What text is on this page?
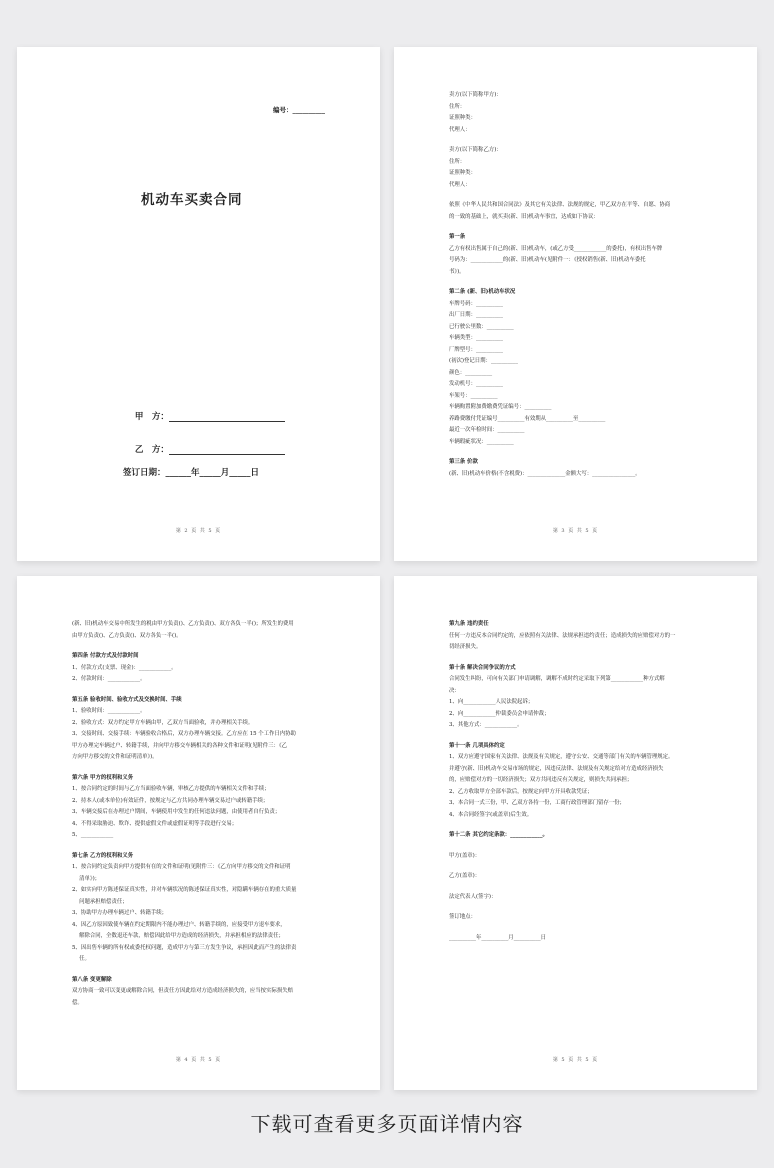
编号：__________
机动车买卖合同

甲　方：

乙　方：

签订日期：______年_____月_____日
第 2 页 共 5 页
卖方(以下简称甲方)：
住所：
证照种类：
代理人：
卖方(以下简称乙方)：
住所：
证照种类：
代理人：
依照《中华人民共和国合同法》及其它有关法律、法规的规定，甲乙双方在平等、自愿、协商
的一致的基础上，就买卖(新、旧)机动车事宜，达成如下协议：
第一条
乙方有权出售属于自己的(新、旧)机动车，(或乙方受____________的委托)，有权出售车牌
号码为：____________的(新、旧)机动车(见附件一：《授权销售(新、旧)机动车委托
书》)。
第二条 (新、旧)机动车状况
车牌号码：__________
出厂日期：__________
已行驶公里数：__________
车辆类型：__________
厂牌型号：__________
(初次)登记日期：__________
颜色：__________
发动机号：__________
车架号：__________
车辆购置附加费缴费凭证编号：__________
养路费缴付凭证编号__________有效期从__________至__________
最近一次年检时间：__________
车辆瑕疵状况：__________
第三条 价款
(新、旧)机动车价格(不含税费)：______________金额大写：________________。
第 3 页 共 5 页
(新、旧)机动车交易中所发生的税由甲方负责()、乙方负责()、双方各负一半()；所发生的费用
由甲方负责()、乙方负责()、双方各负一半()。
第四条 付款方式及付款时间
1、付款方式(支票、现金)：____________。
2、付款时间：____________。
第五条 验收时间、验收方式及交换时间、手续
1、验收时间：____________。
2、验收方式：双方约定甲方车辆由甲，乙双方当面验收，并办理相关手续。
3、交接时间、交接手续：车辆验收合格后，双方办理车辆交接。乙方应在 15 个工作日内协助
甲方办理完车辆过户、转籍手续，并向甲方移交车辆相关的各种文件和证明(见附件三：《乙
方向甲方移交的文件和证明清单》)。
第六条 甲方的权利和义务
1、按合同约定的时间与乙方当面验收车辆，审核乙方提供的车辆相关文件和手续；
2、持本人(或本单位)有效证件，按规定与乙方共同办理车辆交易过户或转籍手续；
3、车辆交接后在办理过户期间，车辆使用中发生的任何违法问题，由使用者自行负责；
4、不得采取胁迫、欺诈、提供虚假文件或虚假证明等手段进行交易；
5、____________
第七条 乙方的权利和义务
1、按合同约定负责向甲方提供有在的文件和证明(见附件三：《乙方向甲方移交的文件和证明
　 清单》)；
2、如实向甲方陈述保证真实性，并对车辆状况的陈述保证真实性，对隐瞒车辆存在的重大质量
　 问题承担赔偿责任；
3、协助甲方办理车辆过户、转籍手续；
4、因乙方原因致使车辆在约定期限内不能办理过户、转籍手续的，应接受甲方退车要求，
　 解除合同，全数退还车款，赔偿因此给甲方造成的经济损失，并承担相应的法律责任；
5、因出售车辆的所有权或委托权问题，造成甲方与第三方发生争议，承担因此而产生的法律责
　 任。
第八条 变更解除
双方协商一致可以变更或解除合同，但责任方因此给对方造成经济损失的，应当按实际损失赔
偿。
第 4 页 共 5 页
第九条 违约责任
任何一方违反本合同约定的，应依照有关法律、法规承担违约责任；造成损失的应赔偿对方的一
切经济损失。
第十条 解决合同争议的方式
合同发生纠纷，可向有关部门申请调解，调解不成时约定采取下列第____________种方式解
决：
1、向____________人民法院起诉；
2、向____________仲裁委员会申请仲裁；
3、其他方式：____________。
第十一条 几项具体约定
1、双方应遵守国家有关法律、法规及有关规定，遵守公安、交通等部门有关的车辆管理规定。
并遵守(新、旧)机动车交易市场的规定，因违反法律、法规及有关规定给对方造成经济损失
的，应赔偿对方的一切经济损失；双方共同违反有关规定，则损失共同承担；
2、乙方收取甲方全部车款后，按规定向甲方开具收款凭证；
3、本合同一式三份，甲、乙双方各持一份，工商行政管理部门留存一份；
4、本合同经签字(或盖章)后生效。
第十二条 其它约定条款：____________。
甲方(盖章)：
乙方(盖章)：
法定代表人(签字)：
签订地点：
__________年__________月__________日
第 5 页 共 5 页
下载可查看更多页面详情内容
